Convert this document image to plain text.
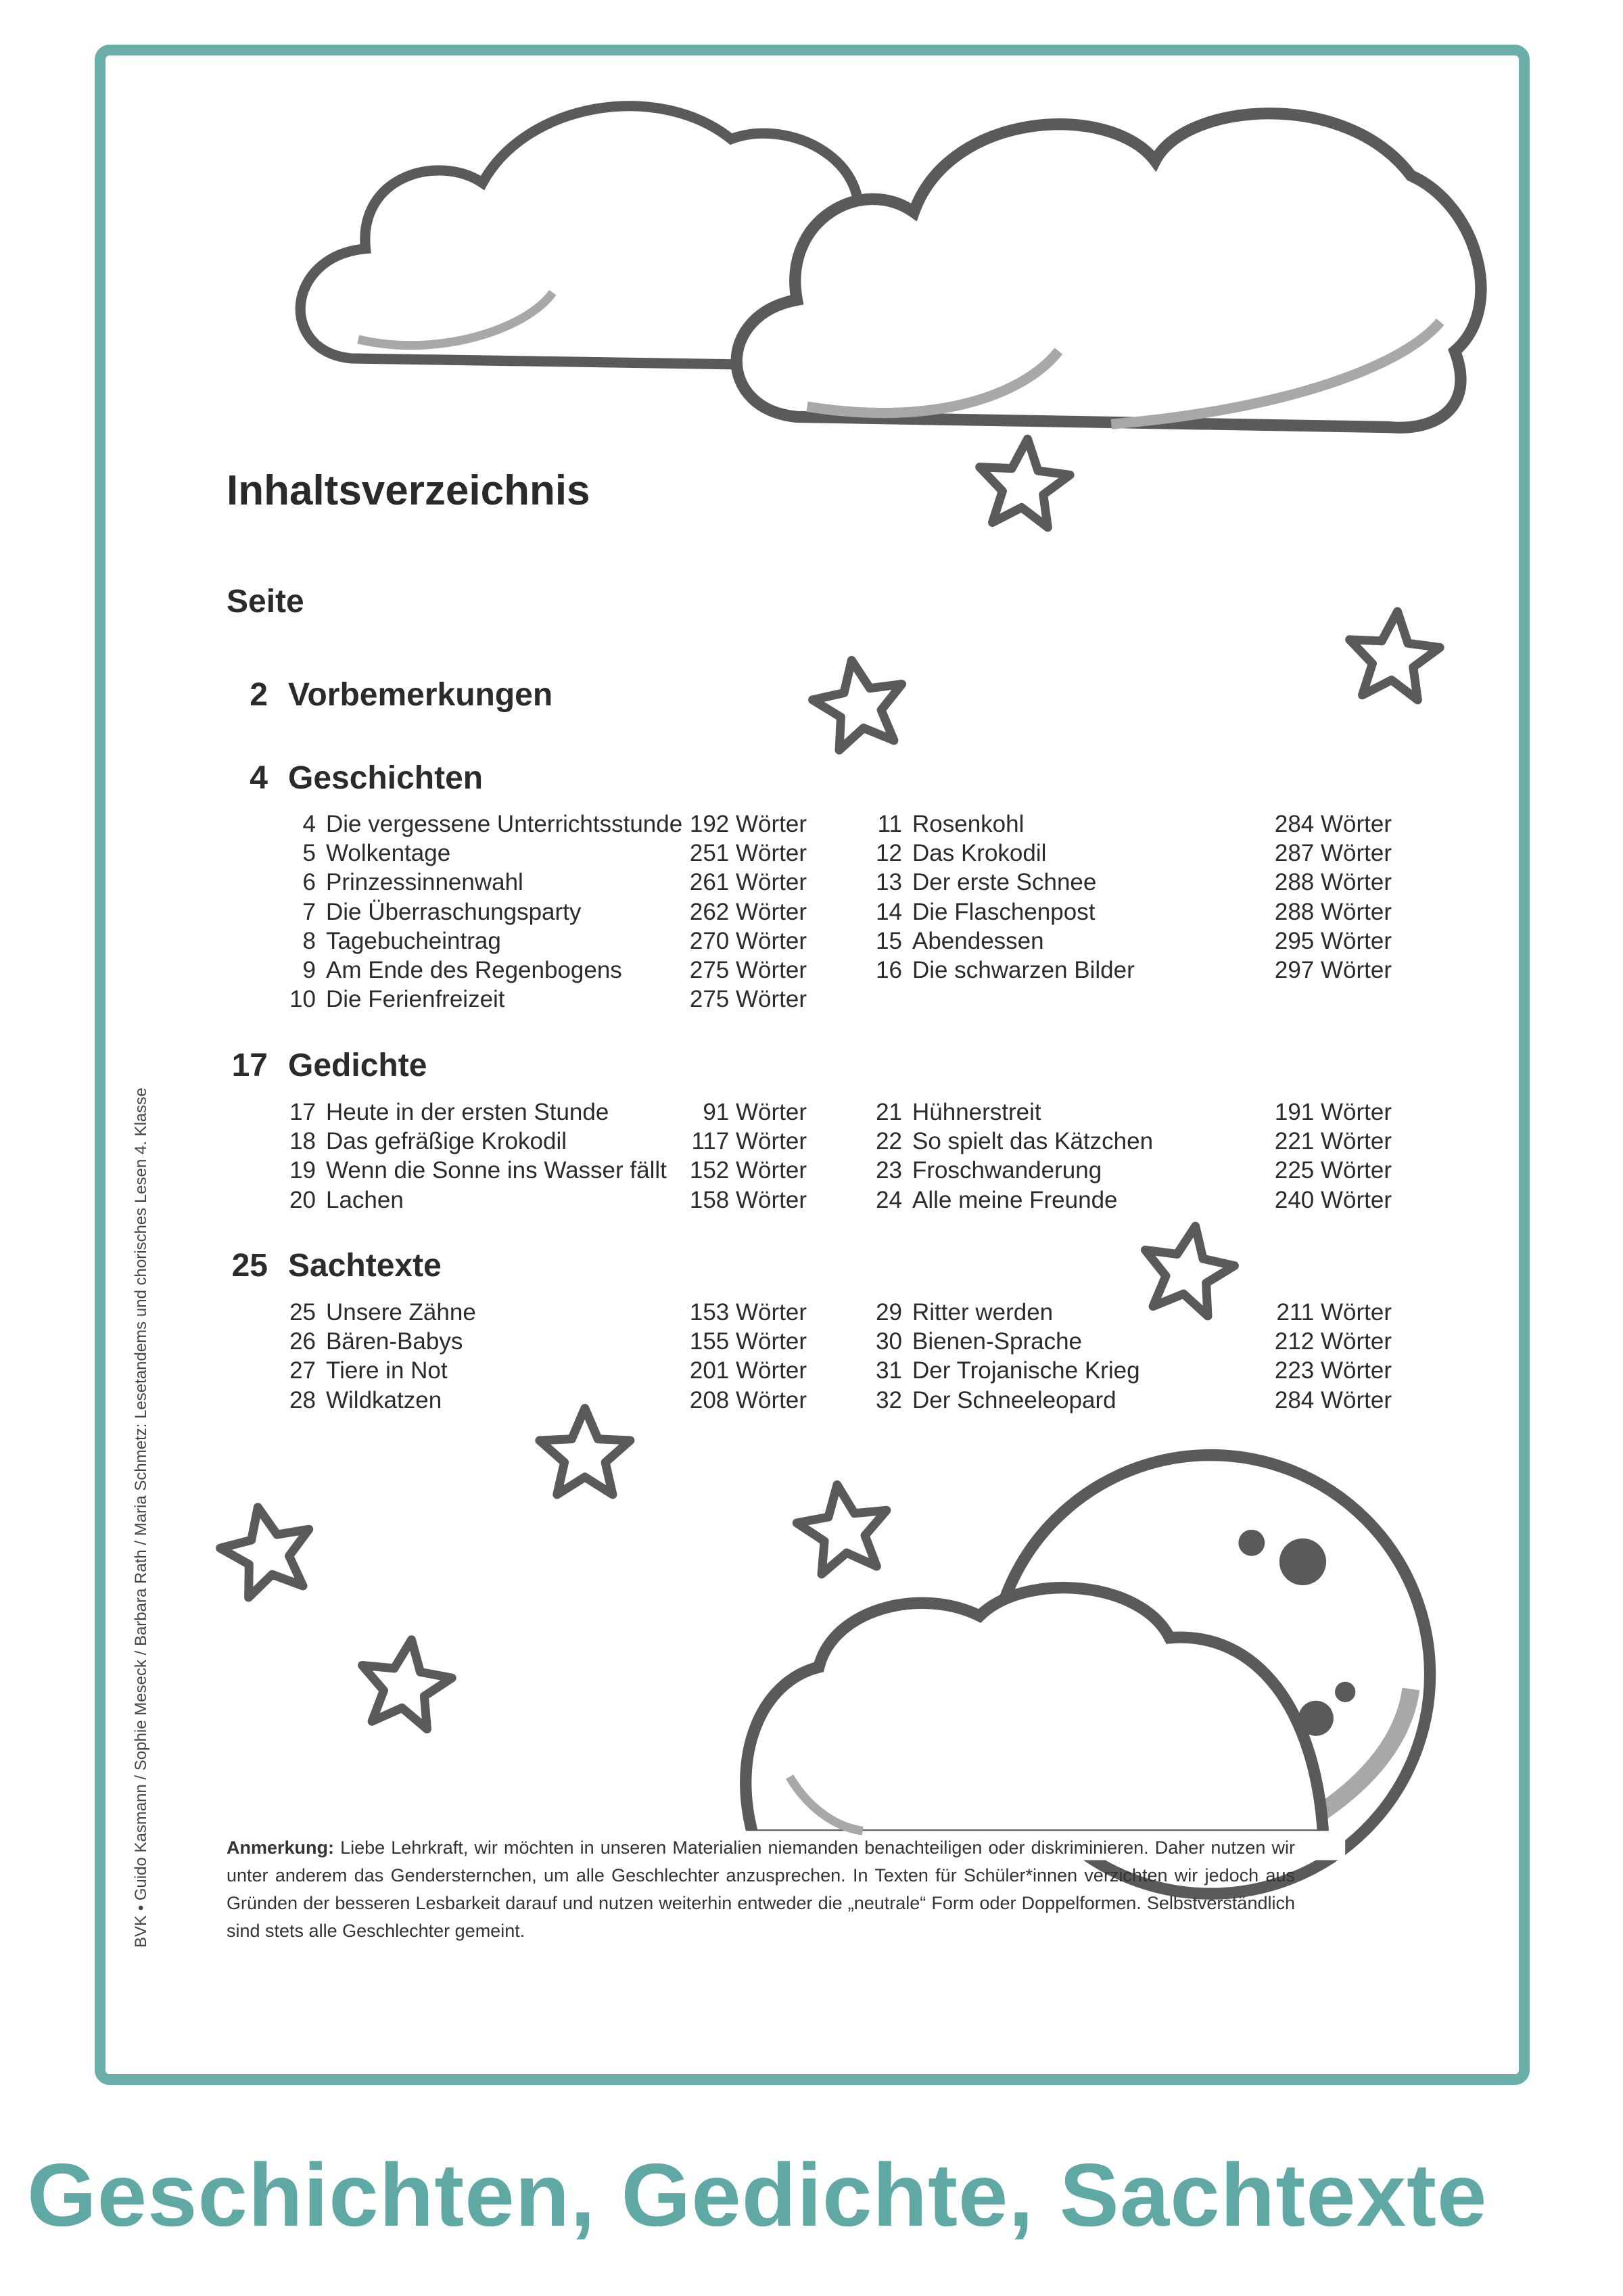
Inhaltsverzeichnis
Seite
2 Vorbemerkungen
4 Geschichten
4 Die vergessene Unterrichtsstunde 192 Wörter
5 Wolkentage	251 Wörter
6 Prinzessinnenwahl	261 Wörter
7 Die Überraschungsparty	262 Wörter
8 Tagebucheintrag	270 Wörter
9 Am Ende des Regenbogens	275 Wörter
10 Die Ferienfreizeit	275 Wörter
11 Rosenkohl	284 Wörter
12 Das Krokodil	287 Wörter
13 Der erste Schnee	288 Wörter
14 Die Flaschenpost	288 Wörter
15 Abendessen	295 Wörter
16 Die schwarzen Bilder	297 Wörter
17 Gedichte
17 Heute in der ersten Stunde	91 Wörter
18 Das gefräßige Krokodil	117 Wörter
19 Wenn die Sonne ins Wasser fällt 152 Wörter
20 Lachen	158 Wörter
21 Hühnerstreit	191 Wörter
22 So spielt das Kätzchen	221 Wörter
23 Froschwanderung	225 Wörter
24 Alle meine Freunde	240 Wörter
25 Sachtexte
25 Unsere Zähne	153 Wörter
26 Bären-Babys	155 Wörter
27 Tiere in Not	201 Wörter
28 Wildkatzen	208 Wörter
29 Ritter werden	211 Wörter
30 Bienen-Sprache	212 Wörter
31 Der Trojanische Krieg	223 Wörter
32 Der Schneeleopard	284 Wörter
Anmerkung: Liebe Lehrkraft, wir möchten in unseren Materialien niemanden benachteiligen oder diskriminieren. Daher nutzen wir unter anderem das Gendersternchen, um alle Geschlechter anzusprechen. In Texten für Schüler*innen verzichten wir jedoch aus Gründen der besseren Lesbarkeit darauf und nutzen weiterhin entweder die „neutrale“ Form oder Doppelformen. Selbstverständlich sind stets alle Geschlechter gemeint.
BVK • Guido Kasmann / Sophie Meseck / Barbara Rath / Maria Schmetz: Lesetandems und chorisches Lesen 4. Klasse
Geschichten, Gedichte, Sachtexte
